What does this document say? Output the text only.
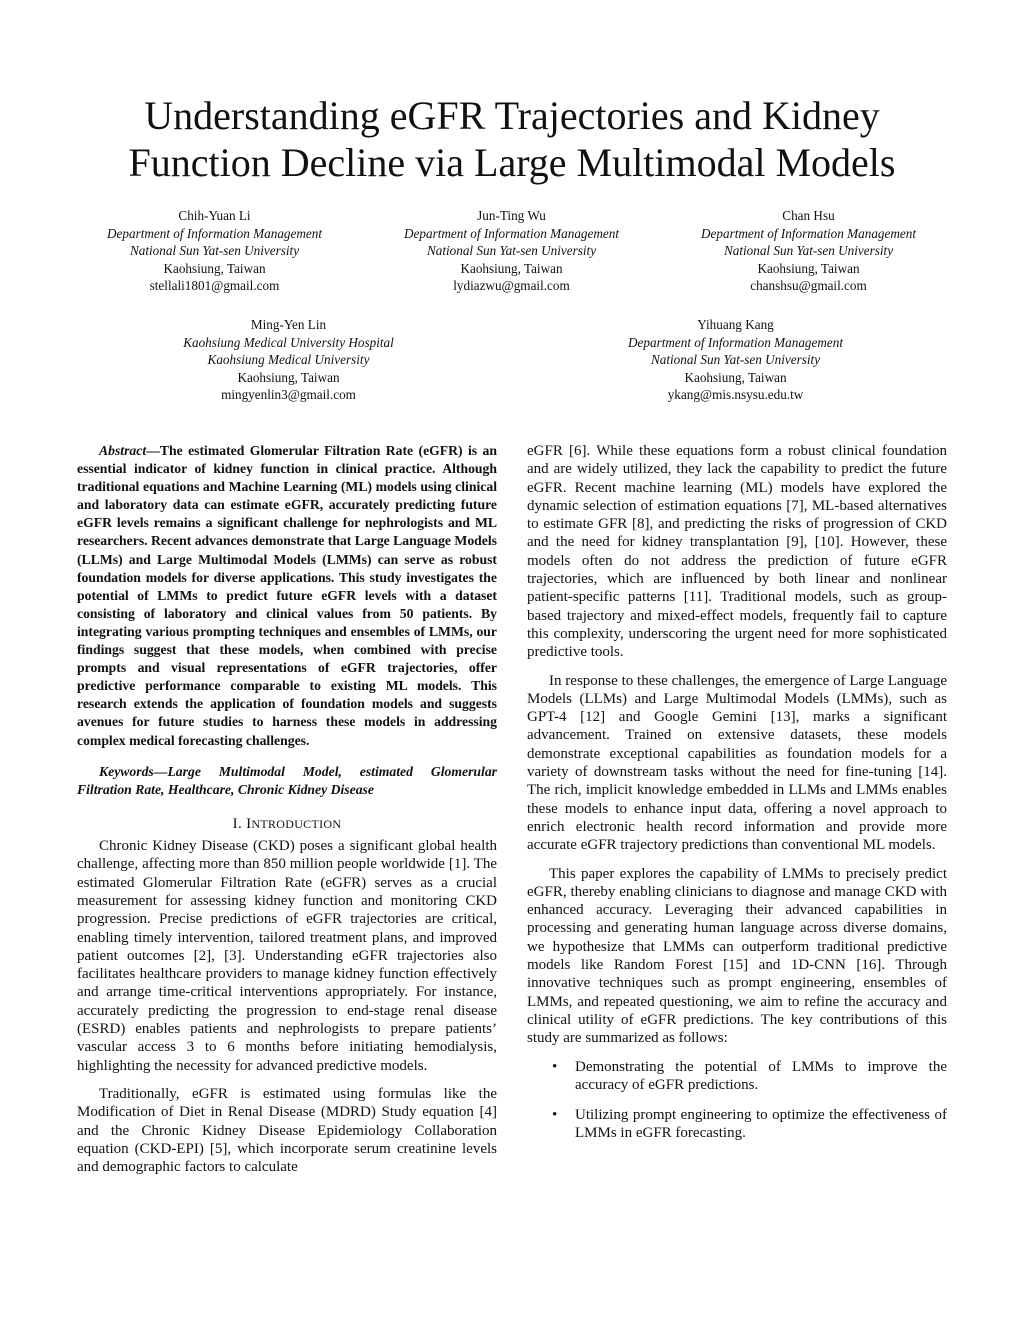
Understanding eGFR Trajectories and Kidney
Function Decline via Large Multimodal Models
Chih-Yuan Li
Department of Information Management
National Sun Yat-sen University
Kaohsiung, Taiwan
stellali1801@gmail.com
Jun-Ting Wu
Department of Information Management
National Sun Yat-sen University
Kaohsiung, Taiwan
lydiazwu@gmail.com
Chan Hsu
Department of Information Management
National Sun Yat-sen University
Kaohsiung, Taiwan
chanshsu@gmail.com
Ming-Yen Lin
Kaohsiung Medical University Hospital
Kaohsiung Medical University
Kaohsiung, Taiwan
mingyenlin3@gmail.com
Yihuang Kang
Department of Information Management
National Sun Yat-sen University
Kaohsiung, Taiwan
ykang@mis.nsysu.edu.tw
Abstract—The estimated Glomerular Filtration Rate (eGFR) is an essential indicator of kidney function in clinical practice. Although traditional equations and Machine Learning (ML) models using clinical and laboratory data can estimate eGFR, accurately predicting future eGFR levels remains a significant challenge for nephrologists and ML researchers. Recent advances demonstrate that Large Language Models (LLMs) and Large Multimodal Models (LMMs) can serve as robust foundation models for diverse applications. This study investigates the potential of LMMs to predict future eGFR levels with a dataset consisting of laboratory and clinical values from 50 patients. By integrating various prompting techniques and ensembles of LMMs, our findings suggest that these models, when combined with precise prompts and visual representations of eGFR trajectories, offer predictive performance comparable to existing ML models. This research extends the application of foundation models and suggests avenues for future studies to harness these models in addressing complex medical forecasting challenges.
Keywords—Large Multimodal Model, estimated Glomerular Filtration Rate, Healthcare, Chronic Kidney Disease
I. INTRODUCTION

Chronic Kidney Disease (CKD) poses a significant global health challenge, affecting more than 850 million people worldwide [1]. The estimated Glomerular Filtration Rate (eGFR) serves as a crucial measurement for assessing kidney function and monitoring CKD progression. Precise predictions of eGFR trajectories are critical, enabling timely intervention, tailored treatment plans, and improved patient outcomes [2], [3]. Understanding eGFR trajectories also facilitates healthcare providers to manage kidney function effectively and arrange time-critical interventions appropriately. For instance, accurately predicting the progression to end-stage renal disease (ESRD) enables patients and nephrologists to prepare patients’ vascular access 3 to 6 months before initiating hemodialysis, highlighting the necessity for advanced predictive models.

Traditionally, eGFR is estimated using formulas like the Modification of Diet in Renal Disease (MDRD) Study equation [4] and the Chronic Kidney Disease Epidemiology Collaboration equation (CKD-EPI) [5], which incorporate serum creatinine levels and demographic factors to calculate

eGFR [6]. While these equations form a robust clinical foundation and are widely utilized, they lack the capability to predict the future eGFR. Recent machine learning (ML) models have explored the dynamic selection of estimation equations [7], ML-based alternatives to estimate GFR [8], and predicting the risks of progression of CKD and the need for kidney transplantation [9], [10]. However, these models often do not address the prediction of future eGFR trajectories, which are influenced by both linear and nonlinear patient-specific patterns [11]. Traditional models, such as group-based trajectory and mixed-effect models, frequently fail to capture this complexity, underscoring the urgent need for more sophisticated predictive tools.

In response to these challenges, the emergence of Large Language Models (LLMs) and Large Multimodal Models (LMMs), such as GPT-4 [12] and Google Gemini [13], marks a significant advancement. Trained on extensive datasets, these models demonstrate exceptional capabilities as foundation models for a variety of downstream tasks without the need for fine-tuning [14]. The rich, implicit knowledge embedded in LLMs and LMMs enables these models to enhance input data, offering a novel approach to enrich electronic health record information and provide more accurate eGFR trajectory predictions than conventional ML models.

This paper explores the capability of LMMs to precisely predict eGFR, thereby enabling clinicians to diagnose and manage CKD with enhanced accuracy. Leveraging their advanced capabilities in processing and generating human language across diverse domains, we hypothesize that LMMs can outperform traditional predictive models like Random Forest [15] and 1D-CNN [16]. Through innovative techniques such as prompt engineering, ensembles of LMMs, and repeated questioning, we aim to refine the accuracy and clinical utility of eGFR predictions. The key contributions of this study are summarized as follows:

• Demonstrating the potential of LMMs to improve the accuracy of eGFR predictions.
• Utilizing prompt engineering to optimize the effectiveness of LMMs in eGFR forecasting.
